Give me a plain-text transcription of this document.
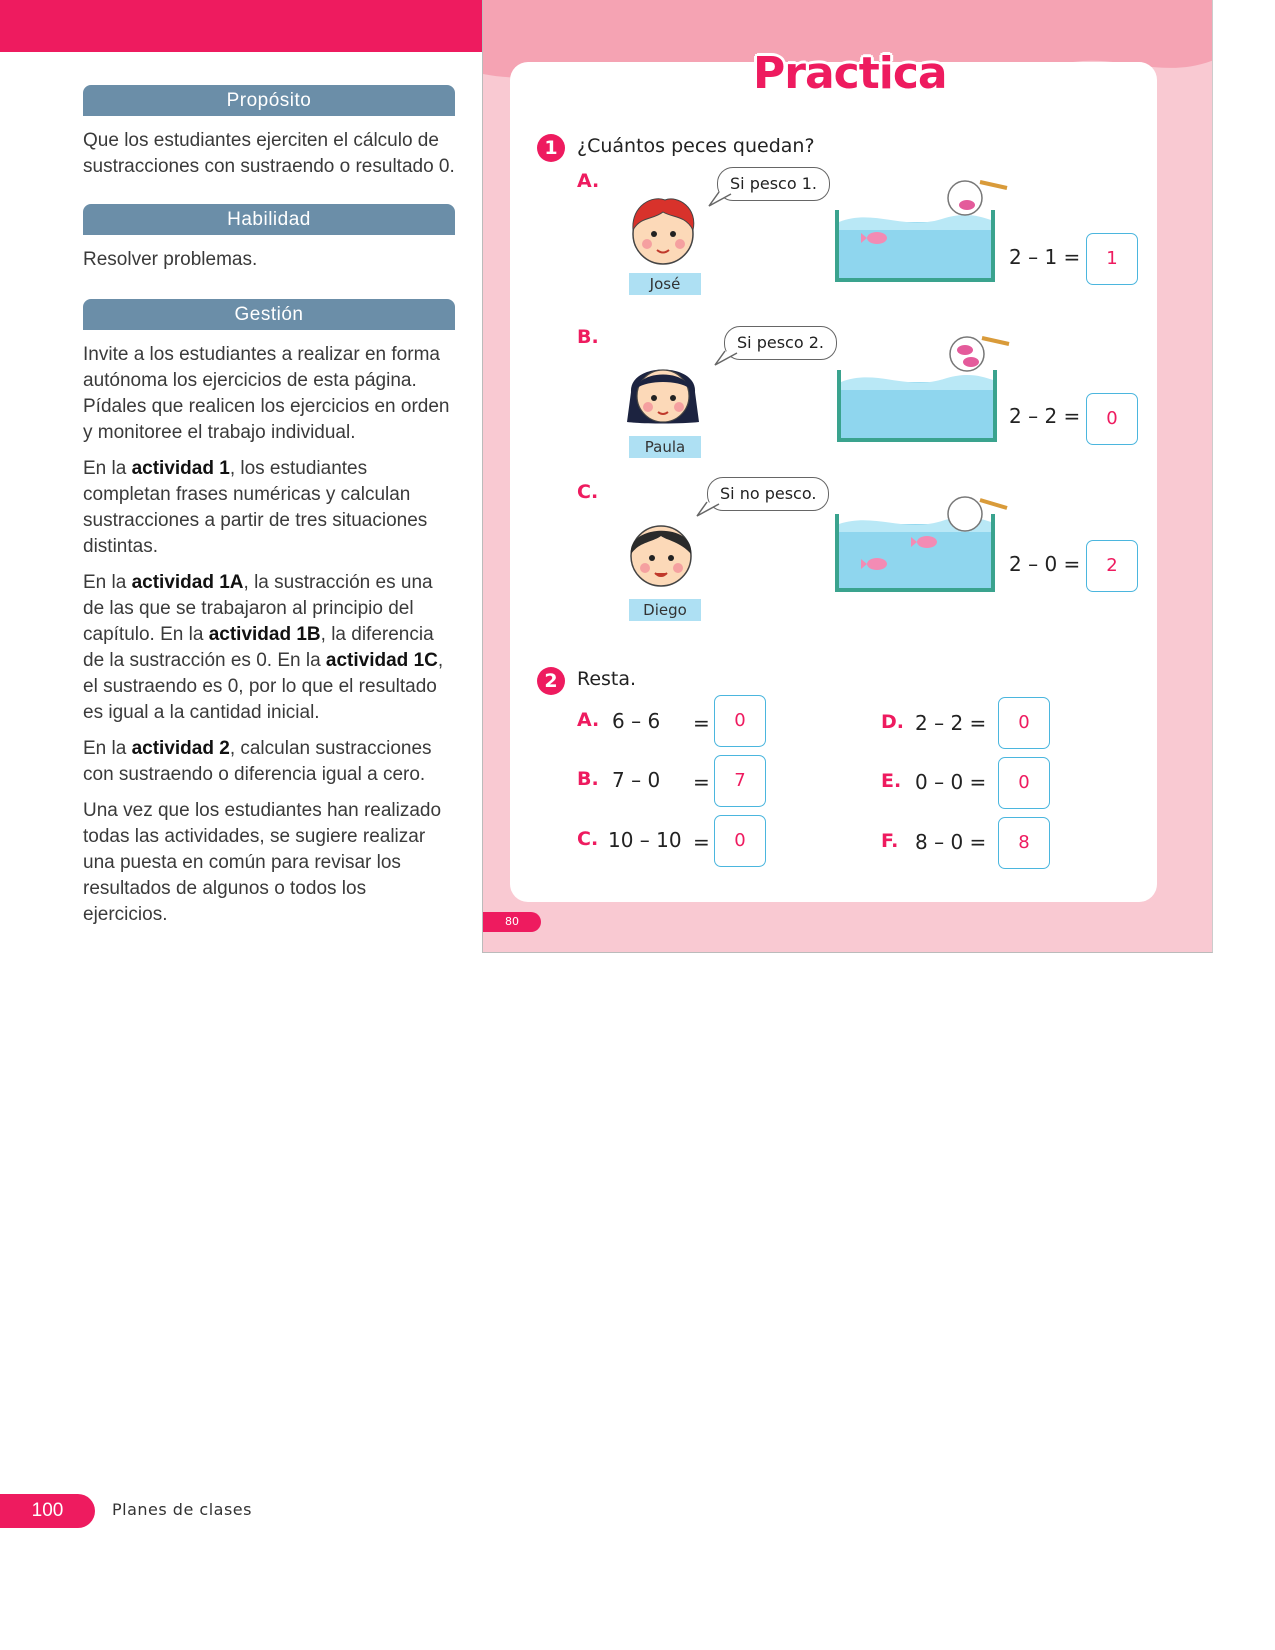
Propósito

Que los estudiantes ejerciten el cálculo de sustracciones con sustraendo o resultado 0.

Habilidad

Resolver problemas.

Gestión

Invite a los estudiantes a realizar en forma autónoma los ejercicios de esta página. Pídales que realicen los ejercicios en orden y monitoree el trabajo individual.

En la actividad 1, los estudiantes completan frases numéricas y calculan sustracciones a partir de tres situaciones distintas.

En la actividad 1A, la sustracción es una de las que se trabajaron al principio del capítulo. En la actividad 1B, la diferencia de la sustracción es 0. En la actividad 1C, el sustraendo es 0, por lo que el resultado es igual a la cantidad inicial.

En la actividad 2, calculan sustracciones con sustraendo o diferencia igual a cero.

Una vez que los estudiantes han realizado todas las actividades, se sugiere realizar una puesta en común para revisar los resultados de algunos o todos los ejercicios.

Practica
1	¿Cuántos peces quedan?
A.	Si pesco 1.
José
2 – 1 =	1
B.	Si pesco 2.
Paula
2 – 2 =	0
C.	Si no pesco.
Diego
2 – 0 =	2
2	Resta.
A. 6 – 6 =	0
B. 7 – 0 =	7
C. 10 – 10 =	0
D. 2 – 2 =	0
E. 0 – 0 =	0
F. 8 – 0 =	8
80
100	Planes de clases
